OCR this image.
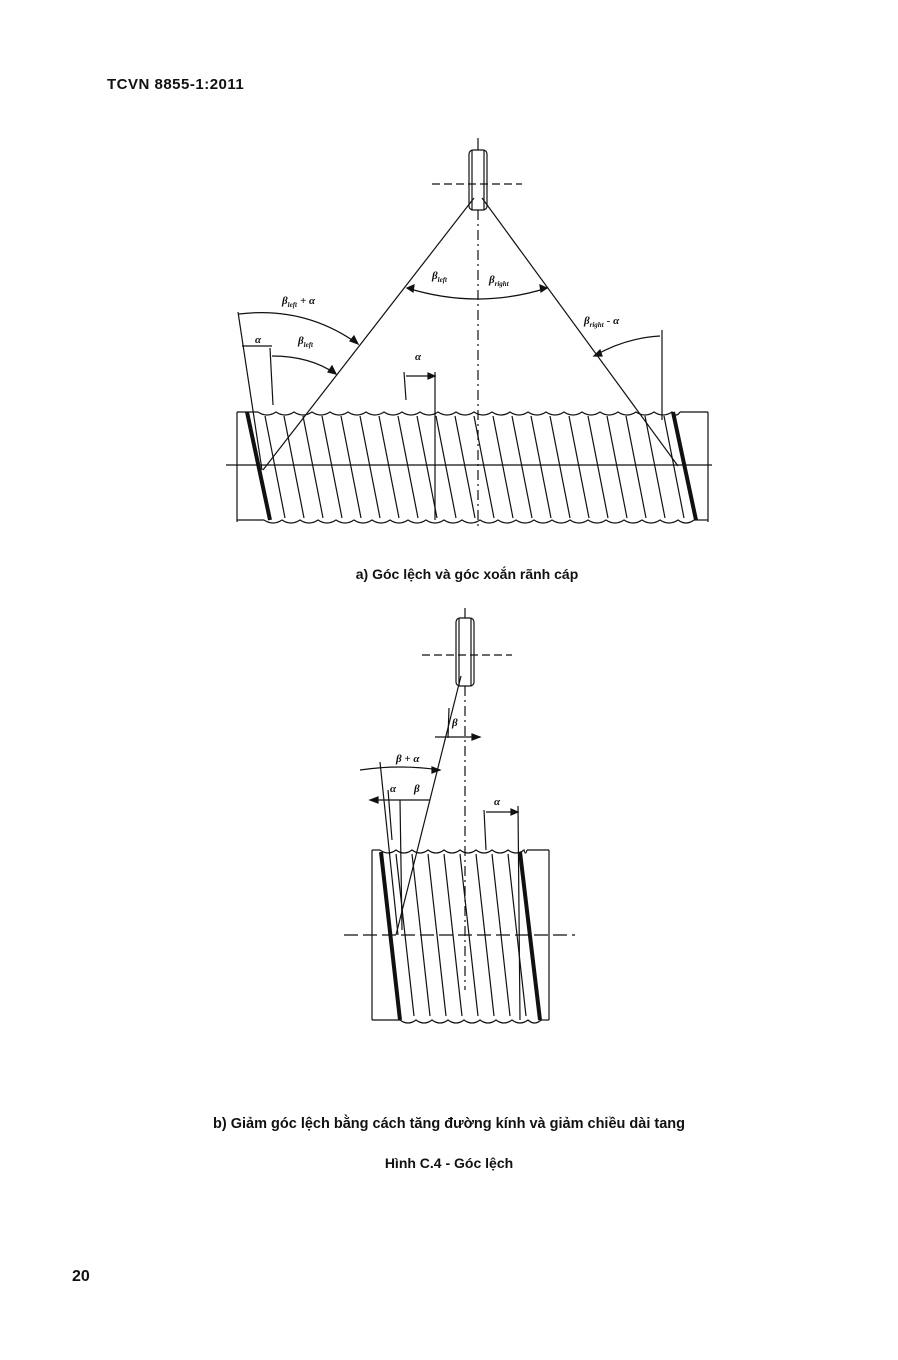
TCVN 8855-1:2011
$\beta_{left}$	$\beta_{right}$
$\beta_{left} + \alpha$
$\beta_{right}$ - α
α	$\beta_{left}$
α
β
β + α
α β
α
a) Góc lệch và góc xoắn rãnh cáp
b) Giảm góc lệch bằng cách tăng đường kính và giảm chiều dài tang
Hình C.4 - Góc lệch
20
